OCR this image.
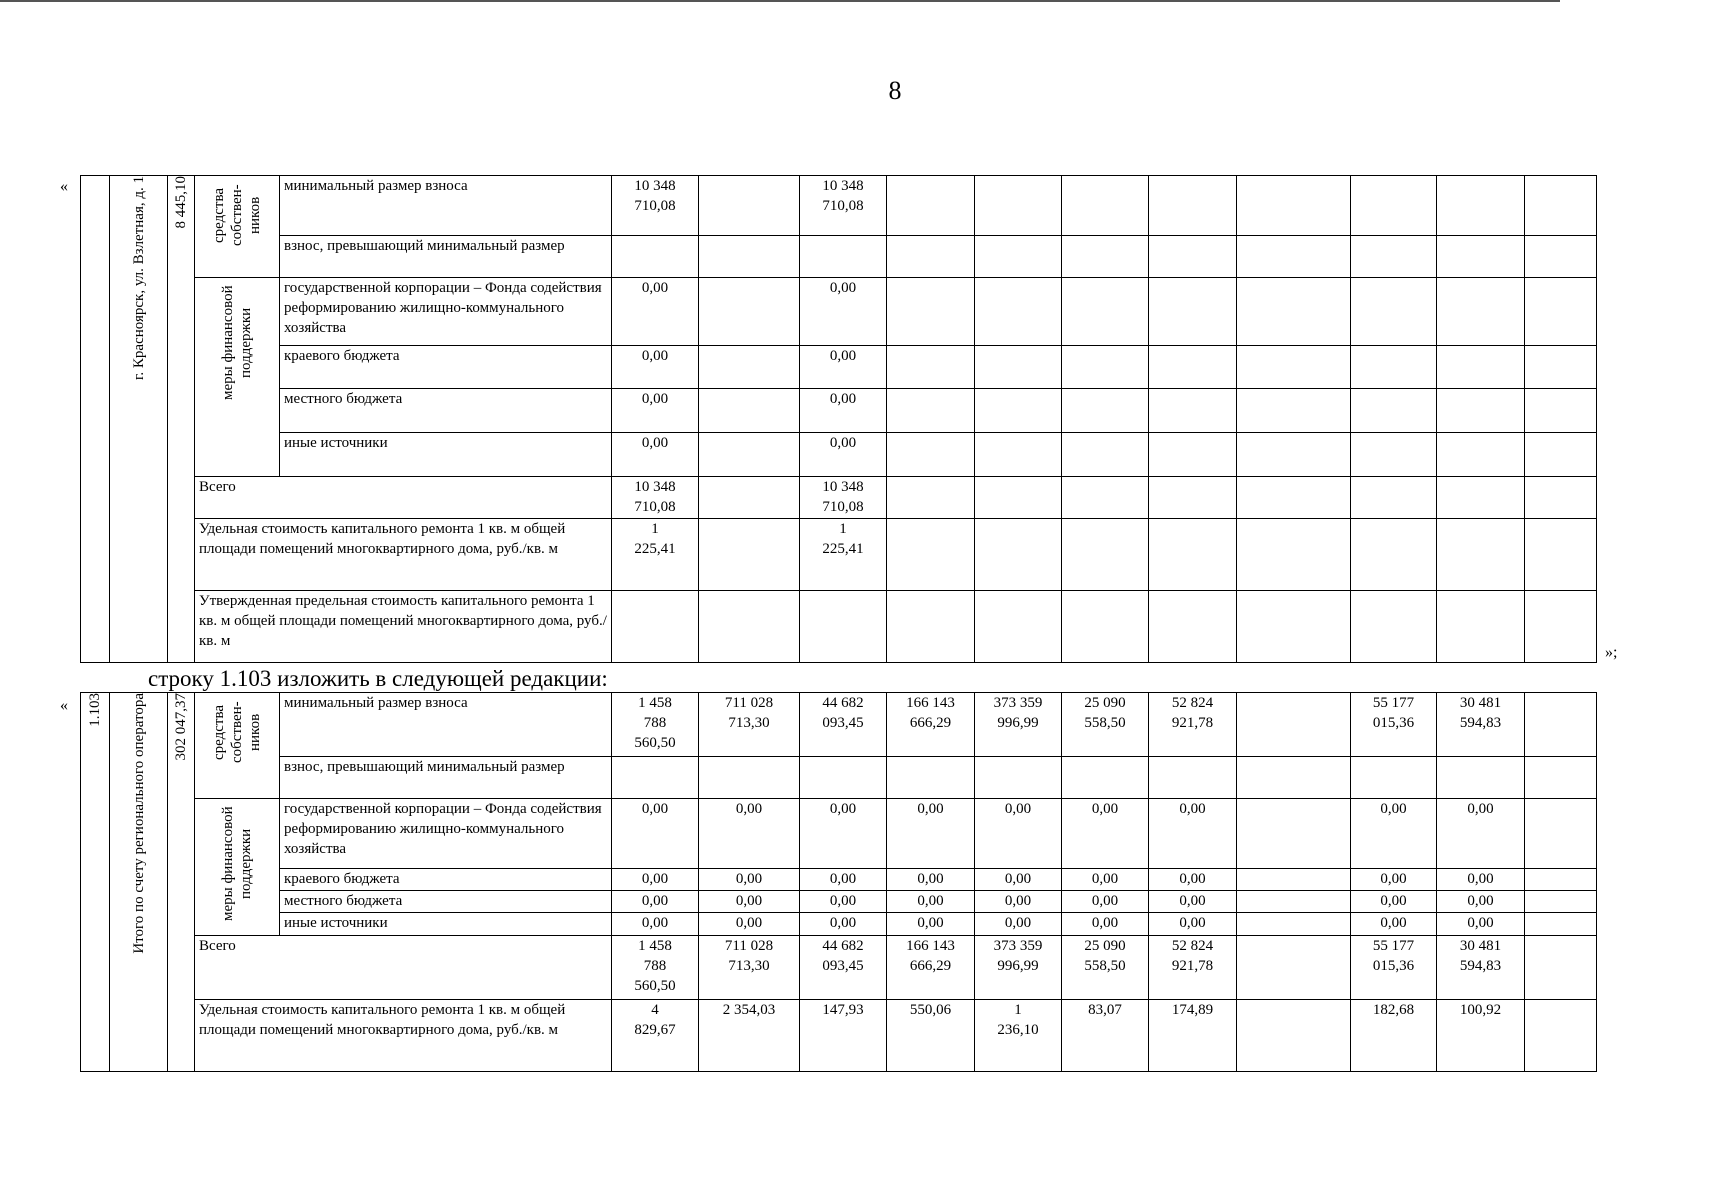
8
«
»;
«
	г. Красноярск, ул. Взлетная, д. 1	8 445,10	средства собствен-ников	минимальный размер взноса	10 348
710,08		10 348
710,08								
				взнос, превышающий минимальный размер											
			меры финансовой поддержки	государственной корпорации – Фонда содействия реформированию жилищно-коммунального хозяйства	0,00		0,00								
				краевого бюджета	0,00		0,00								
				местного бюджета	0,00		0,00								
				иные источники	0,00		0,00								
			Всего		10 348
710,08		10 348
710,08								
			Удельная стоимость капитального ремонта 1 кв. м общей площади помещений многоквартирного дома, руб./кв. м		1
225,41		1
225,41								
			Утвержденная предельная стоимость капитального ремонта 1 кв. м общей площади помещений многоквартирного дома, руб./кв. м												
строку 1.103 изложить в следующей редакции:
1.103	Итого по счету регионального оператора	302 047,37	средства собствен-ников	минимальный размер взноса	1 458
788
560,50	711 028
713,30	44 682
093,45	166 143
666,29	373 359
996,99	25 090
558,50	52 824
921,78		55 177
015,36	30 481
594,83	
				взнос, превышающий минимальный размер											
			меры финансовой поддержки	государственной корпорации – Фонда содействия реформированию жилищно-коммунального хозяйства	0,00	0,00	0,00	0,00	0,00	0,00	0,00		0,00	0,00	
				краевого бюджета	0,00	0,00	0,00	0,00	0,00	0,00	0,00		0,00	0,00	
				местного бюджета	0,00	0,00	0,00	0,00	0,00	0,00	0,00		0,00	0,00	
				иные источники	0,00	0,00	0,00	0,00	0,00	0,00	0,00		0,00	0,00	
			Всего		1 458
788
560,50	711 028
713,30	44 682
093,45	166 143
666,29	373 359
996,99	25 090
558,50	52 824
921,78		55 177
015,36	30 481
594,83	
			Удельная стоимость капитального ремонта 1 кв. м общей площади помещений многоквартирного дома, руб./кв. м		4
829,67	2 354,03	147,93	550,06	1
236,10	83,07	174,89		182,68	100,92	
